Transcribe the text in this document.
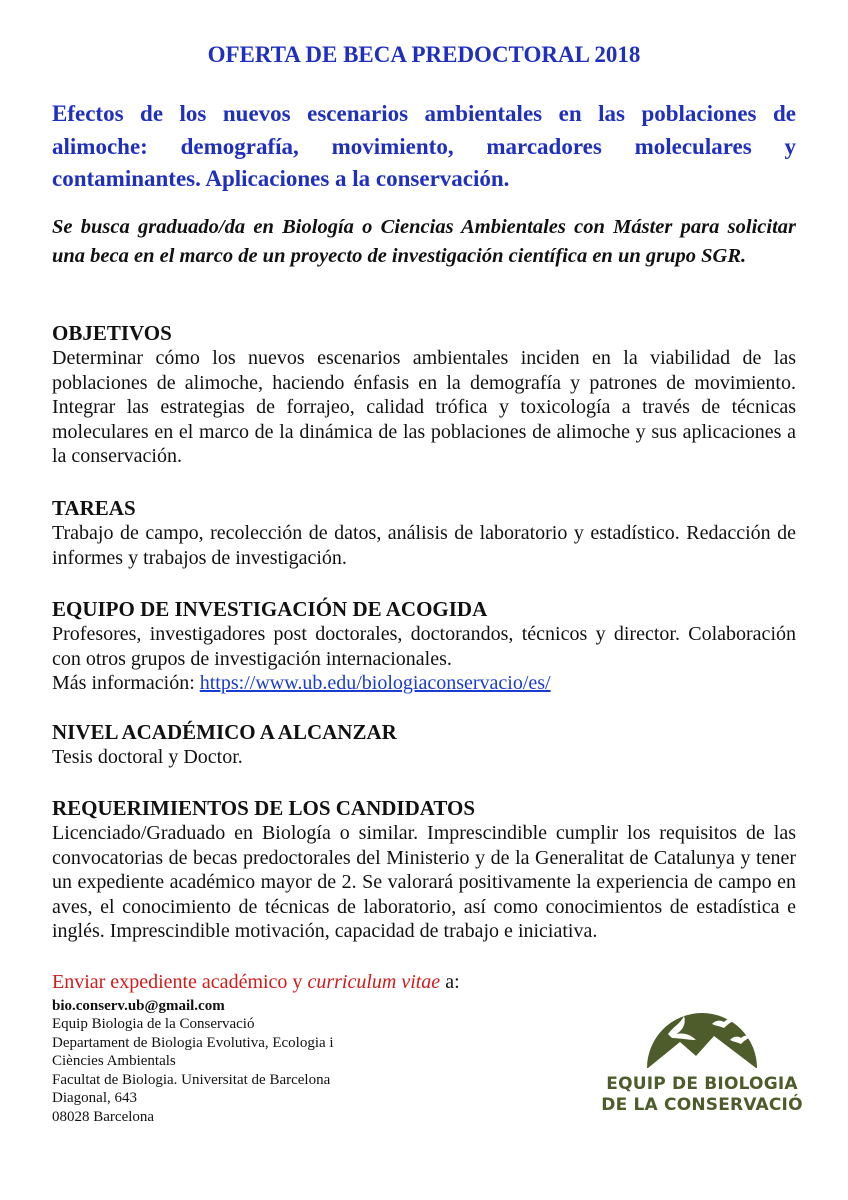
OFERTA DE BECA PREDOCTORAL 2018

Efectos de los nuevos escenarios ambientales en las poblaciones de alimoche: demografía, movimiento, marcadores moleculares y contaminantes. Aplicaciones a la conservación.

Se busca graduado/da en Biología o Ciencias Ambientales con Máster para solicitar una beca en el marco de un proyecto de investigación científica en un grupo SGR.

OBJETIVOS

Determinar cómo los nuevos escenarios ambientales inciden en la viabilidad de las poblaciones de alimoche, haciendo énfasis en la demografía y patrones de movimiento. Integrar las estrategias de forrajeo, calidad trófica y toxicología a través de técnicas moleculares en el marco de la dinámica de las poblaciones de alimoche y sus aplicaciones a la conservación.

TAREAS

Trabajo de campo, recolección de datos, análisis de laboratorio y estadístico. Redacción de informes y trabajos de investigación.

EQUIPO DE INVESTIGACIÓN DE ACOGIDA

Profesores, investigadores post doctorales, doctorandos, técnicos y director. Colaboración con otros grupos de investigación internacionales.

Más información: https://www.ub.edu/biologiaconservacio/es/

NIVEL ACADÉMICO A ALCANZAR

Tesis doctoral y Doctor.

REQUERIMIENTOS DE LOS CANDIDATOS

Licenciado/Graduado en Biología o similar. Imprescindible cumplir los requisitos de las convocatorias de becas predoctorales del Ministerio y de la Generalitat de Catalunya y tener un expediente académico mayor de 2. Se valorará positivamente la experiencia de campo en aves, el conocimiento de técnicas de laboratorio, así como conocimientos de estadística e inglés. Imprescindible motivación, capacidad de trabajo e iniciativa.

Enviar expediente académico y curriculum vitae a:

bio.conserv.ub@gmail.com

Equip Biologia de la Conservació

Departament de Biologia Evolutiva, Ecologia i

Ciències Ambientals

Facultat de Biologia. Universitat de Barcelona

Diagonal, 643

08028 Barcelona

EQUIP DE BIOLOGIA
DE LA CONSERVACIÓ
